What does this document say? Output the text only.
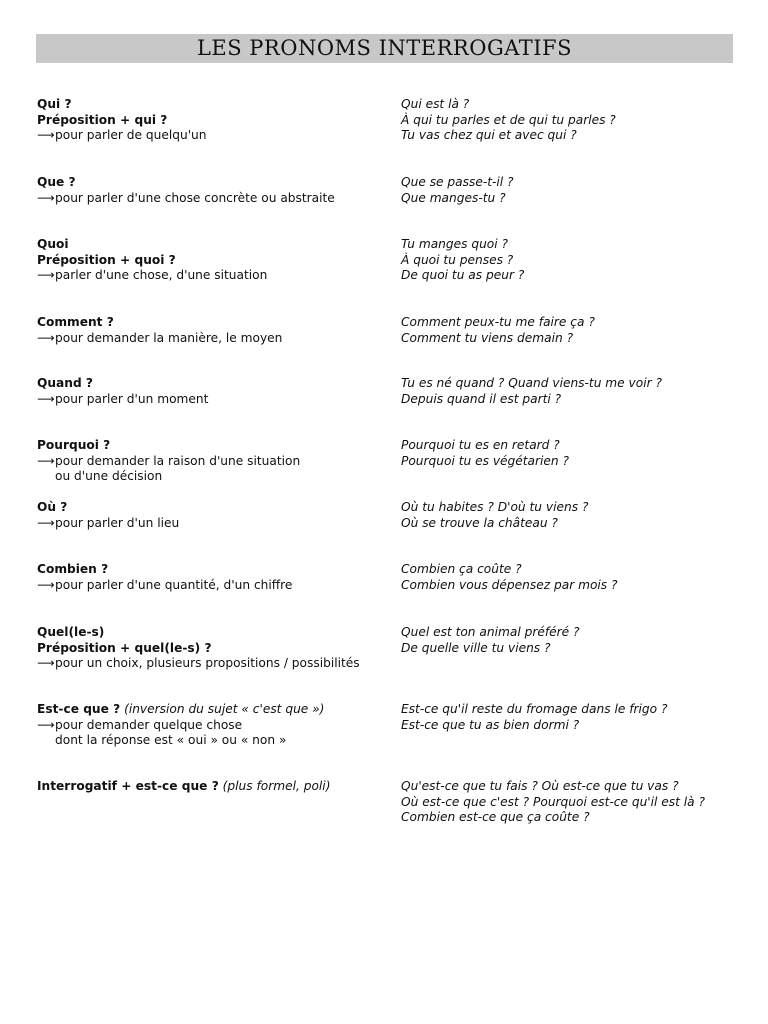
LES PRONOMS INTERROGATIFS
Qui ?
Préposition + qui ?
⟶pour parler de quelqu'un
Qui est là ?
À qui tu parles et de qui tu parles ?
Tu vas chez qui et avec qui ?
Que ?
⟶pour parler d'une chose concrète ou abstraite
Que se passe-t-il ?
Que manges-tu ?
Quoi
Préposition + quoi ?
⟶parler d'une chose, d'une situation
Tu manges quoi ?
À quoi tu penses ?
De quoi tu as peur ?
Comment ?
⟶pour demander la manière, le moyen
Comment peux-tu me faire ça ?
Comment tu viens demain ?
Quand ?
⟶pour parler d'un moment
Tu es né quand ? Quand viens-tu me voir ?
Depuis quand il est parti ?
Pourquoi ?
⟶pour demander la raison d'une situation
ou d'une décision
Pourquoi tu es en retard ?
Pourquoi tu es végétarien ?
Où ?
⟶pour parler d'un lieu
Où tu habites ? D'où tu viens ?
Où se trouve la château ?
Combien ?
⟶pour parler d'une quantité, d'un chiffre
Combien ça coûte ?
Combien vous dépensez par mois ?
Quel(le-s)
Préposition + quel(le-s) ?
⟶pour un choix, plusieurs propositions / possibilités
Quel est ton animal préféré ?
De quelle ville tu viens ?
Est-ce que ? (inversion du sujet « c'est que »)
⟶pour demander quelque chose
dont la réponse est « oui » ou « non »
Est-ce qu'il reste du fromage dans le frigo ?
Est-ce que tu as bien dormi ?
Interrogatif + est-ce que ? (plus formel, poli)	Qu'est-ce que tu fais ? Où est-ce que tu vas ?
Où est-ce que c'est ? Pourquoi est-ce qu'il est là ?
Combien est-ce que ça coûte ?
